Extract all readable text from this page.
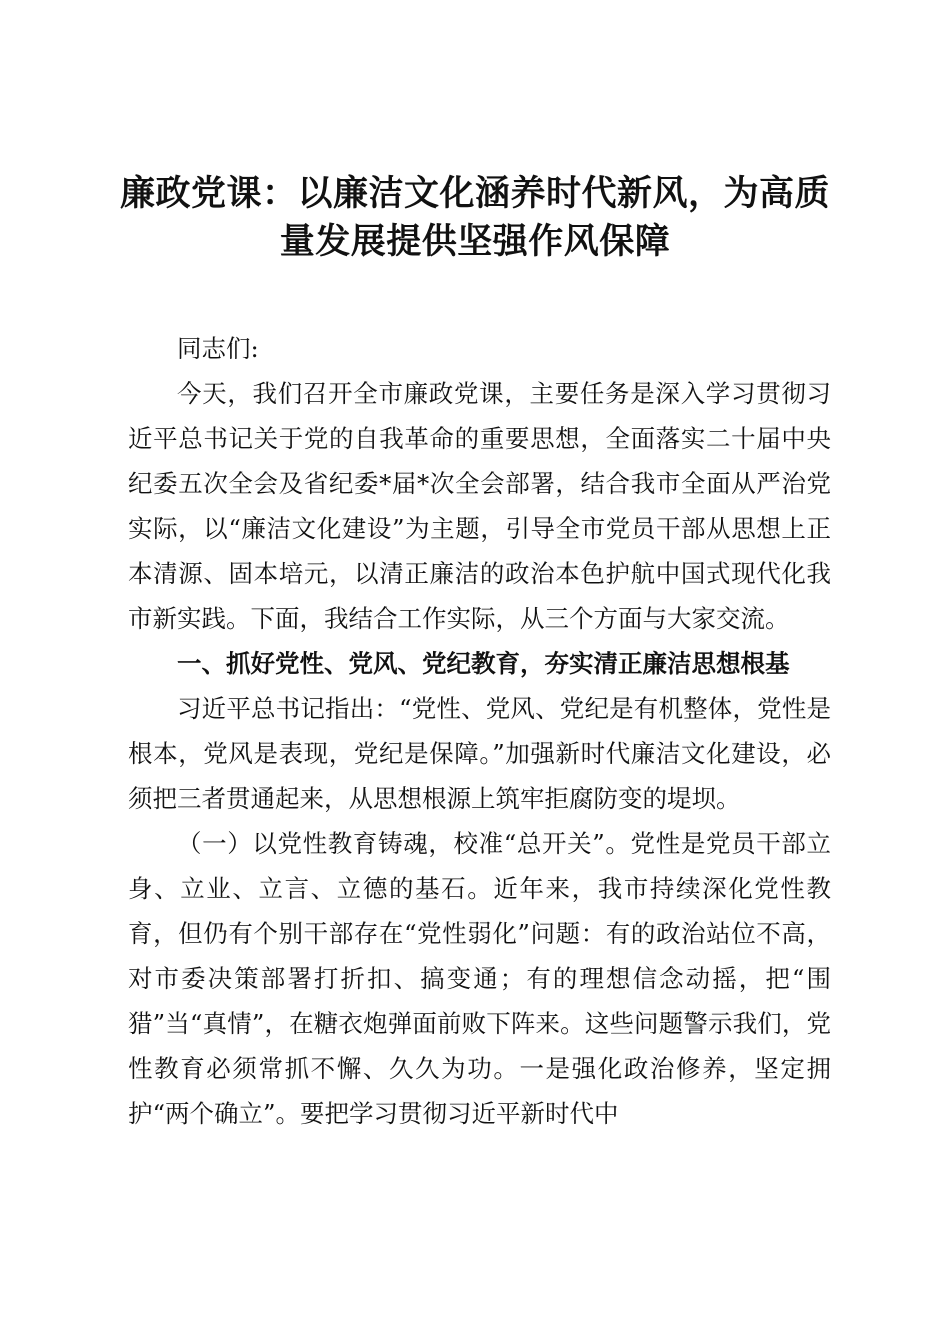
廉政党课：以廉洁文化涵养时代新风，为高质量发展提供坚强作风保障

同志们:

今天，我们召开全市廉政党课，主要任务是深入学习贯彻习近平总书记关于党的自我革命的重要思想，全面落实二十届中央纪委五次全会及省纪委*届*次全会部署，结合我市全面从严治党实际，以“廉洁文化建设”为主题，引导全市党员干部从思想上正本清源、固本培元，以清正廉洁的政治本色护航中国式现代化我市新实践。下面，我结合工作实际，从三个方面与大家交流。

一、抓好党性、党风、党纪教育，夯实清正廉洁思想根基

习近平总书记指出：“党性、党风、党纪是有机整体，党性是根本，党风是表现，党纪是保障。”加强新时代廉洁文化建设，必须把三者贯通起来，从思想根源上筑牢拒腐防变的堤坝。

（一）以党性教育铸魂，校准“总开关”。党性是党员干部立身、立业、立言、立德的基石。近年来，我市持续深化党性教育，但仍有个别干部存在“党性弱化”问题：有的政治站位不高，对市委决策部署打折扣、搞变通；有的理想信念动摇，把“围猎”当“真情”，在糖衣炮弹面前败下阵来。这些问题警示我们，党性教育必须常抓不懈、久久为功。一是强化政治修养，坚定拥护“两个确立”。要把学习贯彻习近平新时代中
